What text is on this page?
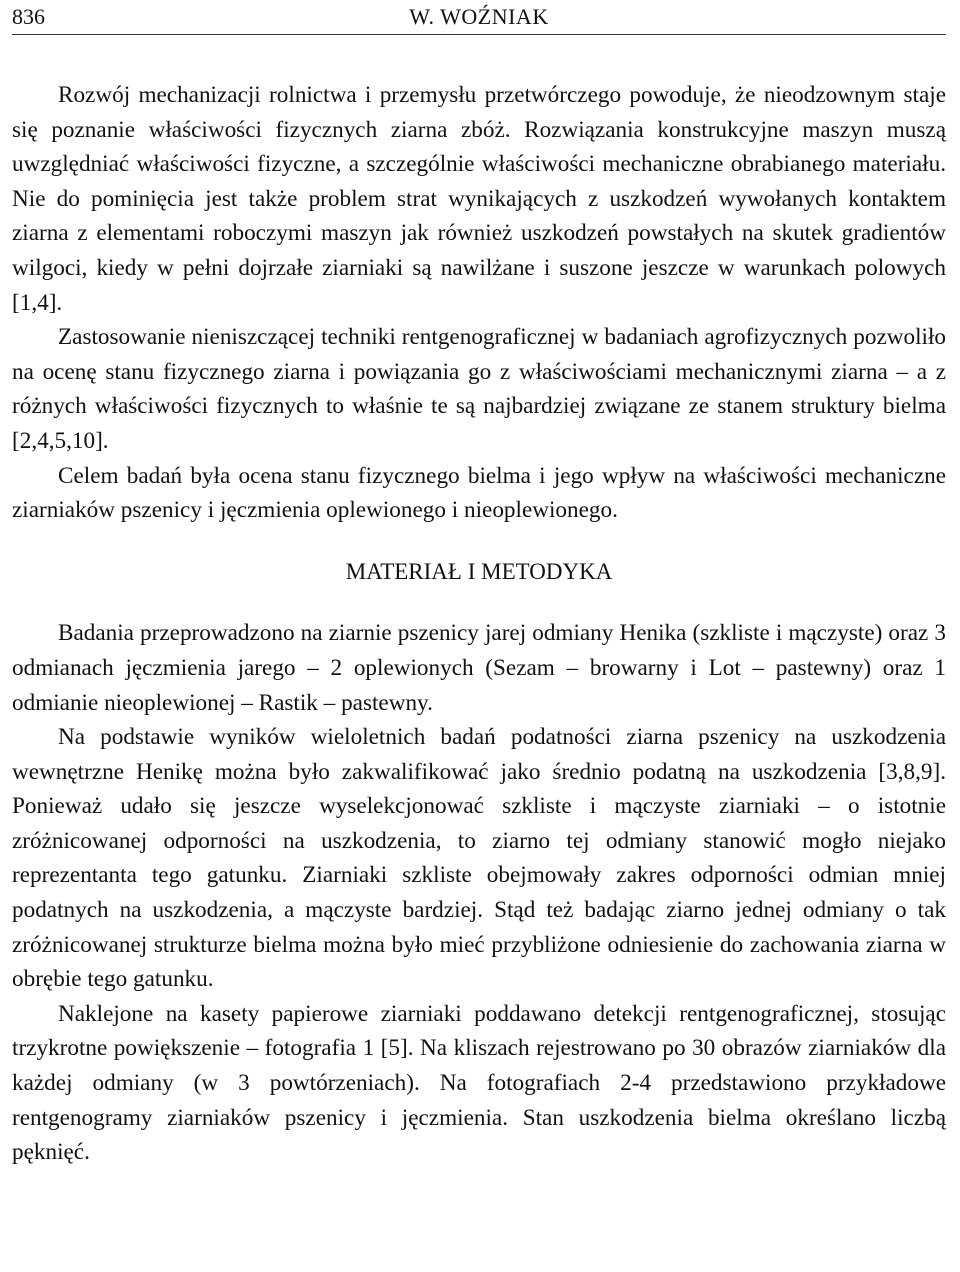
836	W. WOŹNIAK

Rozwój mechanizacji rolnictwa i przemysłu przetwórczego powoduje, że nieodzownym staje się poznanie właściwości fizycznych ziarna zbóż. Rozwiązania konstrukcyjne maszyn muszą uwzględniać właściwości fizyczne, a szczególnie właściwości mechaniczne obrabianego materiału. Nie do pominięcia jest także problem strat wynikających z uszkodzeń wywołanych kontaktem ziarna z elementami roboczymi maszyn jak również uszkodzeń powstałych na skutek gradientów wilgoci, kiedy w pełni dojrzałe ziarniaki są nawilżane i suszone jeszcze w warunkach polowych [1,4].

Zastosowanie nieniszczącej techniki rentgenograficznej w badaniach agrofizycznych pozwoliło na ocenę stanu fizycznego ziarna i powiązania go z właściwościami mechanicznymi ziarna – a z różnych właściwości fizycznych to właśnie te są najbardziej związane ze stanem struktury bielma [2,4,5,10].

Celem badań była ocena stanu fizycznego bielma i jego wpływ na właściwości mechaniczne ziarniaków pszenicy i jęczmienia oplewionego i nieoplewionego.

MATERIAŁ I METODYKA

Badania przeprowadzono na ziarnie pszenicy jarej odmiany Henika (szkliste i mączyste) oraz 3 odmianach jęczmienia jarego – 2 oplewionych (Sezam – browarny i Lot – pastewny) oraz 1 odmianie nieoplewionej – Rastik – pastewny.

Na podstawie wyników wieloletnich badań podatności ziarna pszenicy na uszkodzenia wewnętrzne Henikę można było zakwalifikować jako średnio podatną na uszkodzenia [3,8,9]. Ponieważ udało się jeszcze wyselekcjonować szkliste i mączyste ziarniaki – o istotnie zróżnicowanej odporności na uszkodzenia, to ziarno tej odmiany stanowić mogło niejako reprezentanta tego gatunku. Ziarniaki szkliste obejmowały zakres odporności odmian mniej podatnych na uszkodzenia, a mączyste bardziej. Stąd też badając ziarno jednej odmiany o tak zróżnicowanej strukturze bielma można było mieć przybliżone odniesienie do zachowania ziarna w obrębie tego gatunku.

Naklejone na kasety papierowe ziarniaki poddawano detekcji rentgenograficznej, stosując trzykrotne powiększenie – fotografia 1 [5]. Na kliszach rejestrowano po 30 obrazów ziarniaków dla każdej odmiany (w 3 powtórzeniach). Na fotografiach 2-4 przedstawiono przykładowe rentgenogramy ziarniaków pszenicy i jęczmienia. Stan uszkodzenia bielma określano liczbą pęknięć.
